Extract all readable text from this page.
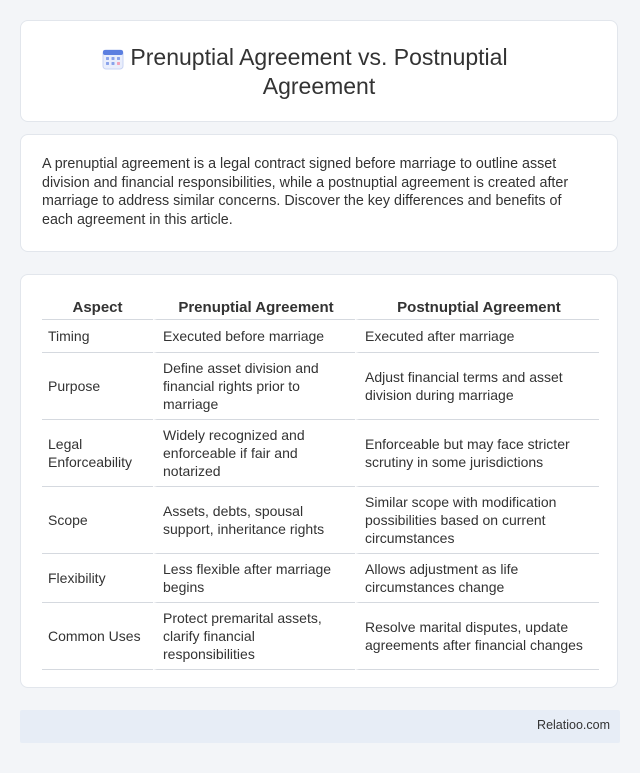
Prenuptial Agreement vs. Postnuptial Agreement

A prenuptial agreement is a legal contract signed before marriage to outline asset division and financial responsibilities, while a postnuptial agreement is created after marriage to address similar concerns. Discover the key differences and benefits of each agreement in this article.

Aspect	Prenuptial Agreement	Postnuptial Agreement
Timing	Executed before marriage	Executed after marriage
Purpose	Define asset division and financial rights prior to marriage	Adjust financial terms and asset division during marriage
Legal Enforceability	Widely recognized and enforceable if fair and notarized	Enforceable but may face stricter scrutiny in some jurisdictions
Scope	Assets, debts, spousal support, inheritance rights	Similar scope with modification possibilities based on current circumstances
Flexibility	Less flexible after marriage begins	Allows adjustment as life circumstances change
Common Uses	Protect premarital assets, clarify financial responsibilities	Resolve marital disputes, update agreements after financial changes
Relatioo.com
